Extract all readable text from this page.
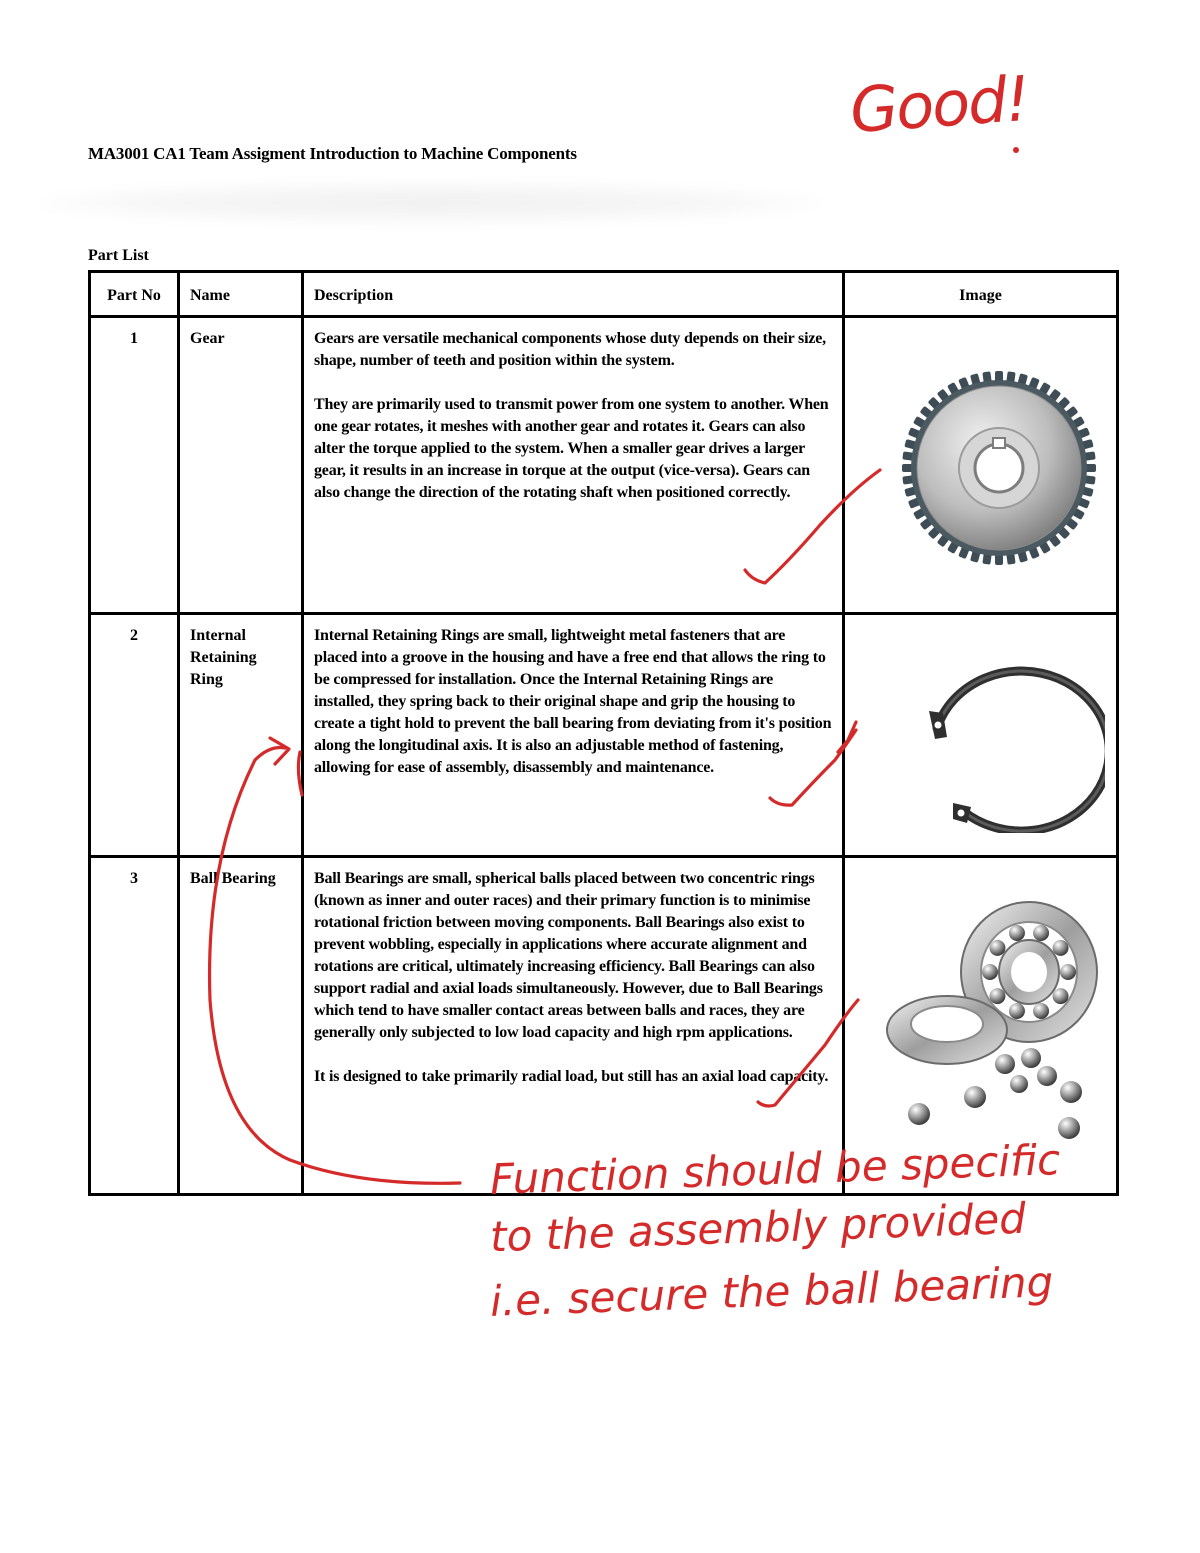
MA3001 CA1 Team Assigment Introduction to Machine Components
Part List
Part No	Name	Description	Image
1	Gear	Gears are versatile mechanical components whose duty depends on their size, shape, number of teeth and position within the system.

They are primarily used to transmit power from one system to another. When one gear rotates, it meshes with another gear and rotates it. Gears can also alter the torque applied to the system. When a smaller gear drives a larger gear, it results in an increase in torque at the output (vice-versa). Gears can also change the direction of the rotating shaft when positioned correctly.

2	Internal Retaining Ring	Internal Retaining Rings are small, lightweight metal fasteners that are placed into a groove in the housing and have a free end that allows the ring to be compressed for installation. Once the Internal Retaining Rings are installed, they spring back to their original shape and grip the housing to create a tight hold to prevent the ball bearing from deviating from it's position along the longitudinal axis. It is also an adjustable method of fastening, allowing for ease of assembly, disassembly and maintenance.

3	Ball Bearing	Ball Bearings are small, spherical balls placed between two concentric rings (known as inner and outer races) and their primary function is to minimise rotational friction between moving components. Ball Bearings also exist to prevent wobbling, especially in applications where accurate alignment and rotations are critical, ultimately increasing efficiency. Ball Bearings can also support radial and axial loads simultaneously. However, due to Ball Bearings which tend to have smaller contact areas between balls and races, they are generally only subjected to low load capacity and high rpm applications.

It is designed to take primarily radial load, but still has an axial load capacity.

Good!
Function should be specific
to the assembly provided
i.e. secure the ball bearing
